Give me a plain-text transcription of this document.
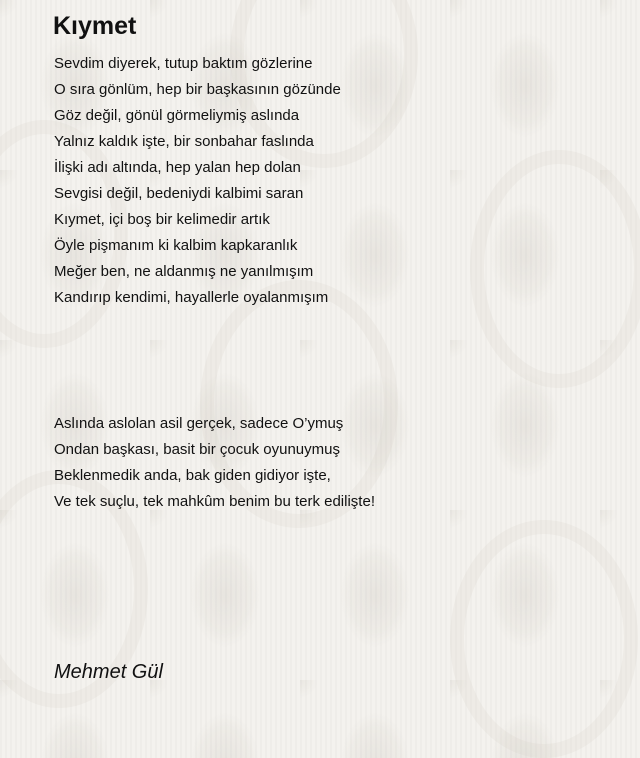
Kıymet
Sevdim diyerek, tutup baktım gözlerine
O sıra gönlüm, hep bir başkasının gözünde
Göz değil, gönül görmeliymiş aslında
Yalnız kaldık işte, bir sonbahar faslında
İlişki adı altında, hep yalan hep dolan
Sevgisi değil, bedeniydi kalbimi saran
Kıymet, içi boş bir kelimedir artık
Öyle pişmanım ki kalbim kapkaranlık
Meğer ben, ne aldanmış ne yanılmışım
Kandırıp kendimi, hayallerle oyalanmışım
Aslında aslolan asil gerçek, sadece O’ymuş
Ondan başkası, basit bir çocuk oyunuymuş
Beklenmedik anda, bak giden gidiyor işte,
Ve tek suçlu, tek mahkûm benim bu terk edilişte!
Mehmet Gül
